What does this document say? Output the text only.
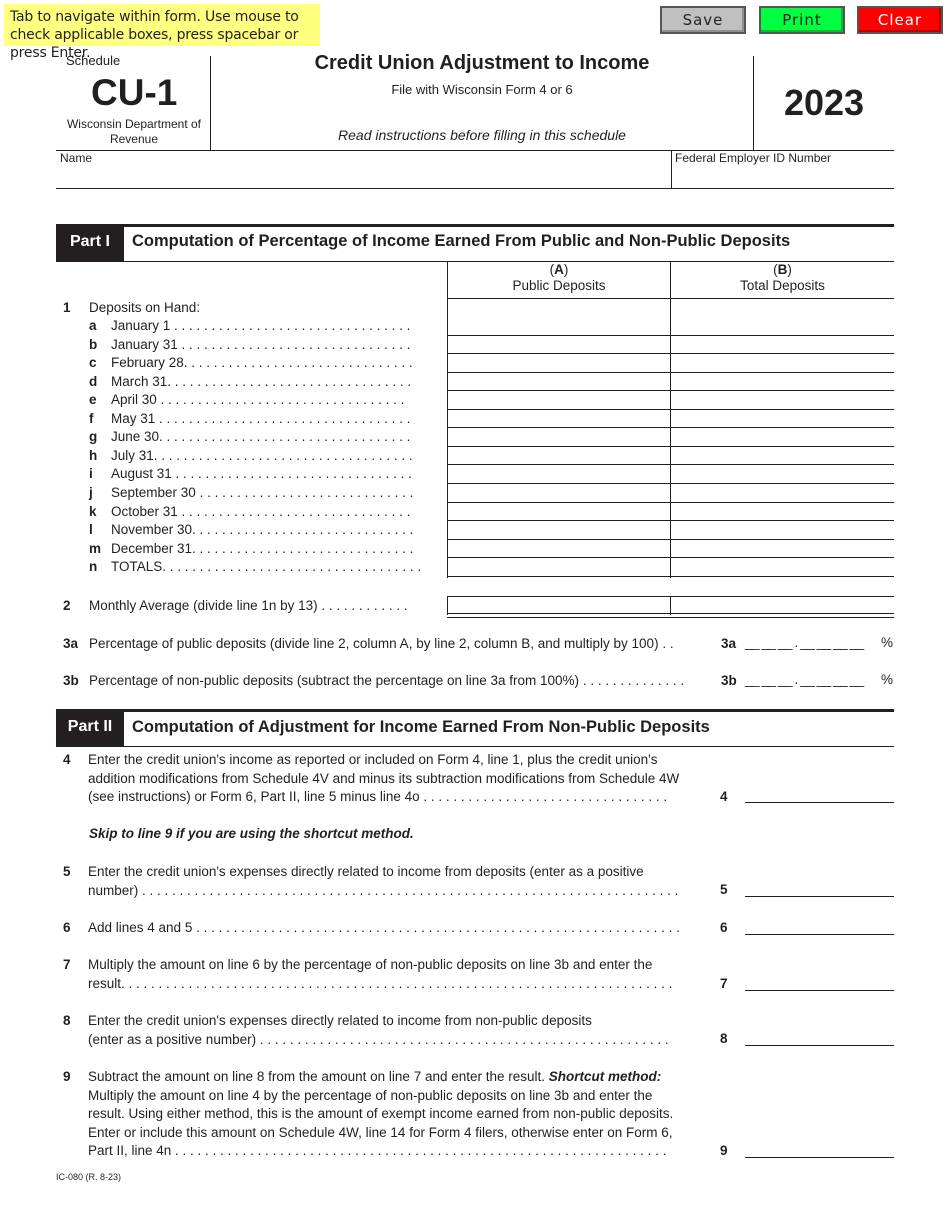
Tab to navigate within form. Use mouse to check applicable boxes, press spacebar or press Enter.
Save	Print	Clear
Schedule
CU-1
Wisconsin Department of Revenue
Credit Union Adjustment to Income
File with Wisconsin Form 4 or 6
Read instructions before filling in this schedule
2023
Name	Federal Employer ID Number
Part I	Computation of Percentage of Income Earned From Public and Non-Public Deposits
(A)
Public Deposits
(B)
Total Deposits
1 Deposits on Hand:
a January 1 . . . . . . . . . . . . . . . . . . . . . . . . . . . . . . . .
b January 31 . . . . . . . . . . . . . . . . . . . . . . . . . . . . . . .
c February 28. . . . . . . . . . . . . . . . . . . . . . . . . . . . . . .
d March 31. . . . . . . . . . . . . . . . . . . . . . . . . . . . . . . . .
e April 30 . . . . . . . . . . . . . . . . . . . . . . . . . . . . . . . . .
f May 31 . . . . . . . . . . . . . . . . . . . . . . . . . . . . . . . . . .
g June 30. . . . . . . . . . . . . . . . . . . . . . . . . . . . . . . . . .
h July 31. . . . . . . . . . . . . . . . . . . . . . . . . . . . . . . . . . .
i August 31 . . . . . . . . . . . . . . . . . . . . . . . . . . . . . . . .
j September 30 . . . . . . . . . . . . . . . . . . . . . . . . . . . . .
k October 31 . . . . . . . . . . . . . . . . . . . . . . . . . . . . . . .
l November 30. . . . . . . . . . . . . . . . . . . . . . . . . . . . . .
m December 31. . . . . . . . . . . . . . . . . . . . . . . . . . . . . .
n TOTALS. . . . . . . . . . . . . . . . . . . . . . . . . . . . . . . . . . .
2 Monthly Average (divide line 1n by 13) . . . . . . . . . . . .
3a Percentage of public deposits (divide line 2, column A, by line 2, column B, and multiply by 100) . .	3a __ __ __ . __ __ __ __ %
3b Percentage of non-public deposits (subtract the percentage on line 3a from 100%) . . . . . . . . . . . . . .	3b __ __ __ . __ __ __ __ %
Part II	Computation of Adjustment for Income Earned From Non-Public Deposits
4 Enter the credit union's income as reported or included on Form 4, line 1, plus the credit union's
addition modifications from Schedule 4V and minus its subtraction modifications from Schedule 4W
(see instructions) or Form 6, Part II, line 5 minus line 4o . . . . . . . . . . . . . . . . . . . . . . . . . . . . . . . . .	4
Skip to line 9 if you are using the shortcut method.
5 Enter the credit union's expenses directly related to income from deposits (enter as a positive
number) . . . . . . . . . . . . . . . . . . . . . . . . . . . . . . . . . . . . . . . . . . . . . . . . . . . . . . . . . . . . . . . . . . . . . . . .	5
6 Add lines 4 and 5 . . . . . . . . . . . . . . . . . . . . . . . . . . . . . . . . . . . . . . . . . . . . . . . . . . . . . . . . . . . . . . . . .	6
7 Multiply the amount on line 6 by the percentage of non-public deposits on line 3b and enter the
result. . . . . . . . . . . . . . . . . . . . . . . . . . . . . . . . . . . . . . . . . . . . . . . . . . . . . . . . . . . . . . . . . . . . . . . . . .	7
8 Enter the credit union's expenses directly related to income from non-public deposits
(enter as a positive number) . . . . . . . . . . . . . . . . . . . . . . . . . . . . . . . . . . . . . . . . . . . . . . . . . . . . . . .	8
9 Subtract the amount on line 8 from the amount on line 7 and enter the result. Shortcut method:
Multiply the amount on line 4 by the percentage of non-public deposits on line 3b and enter the
result. Using either method, this is the amount of exempt income earned from non-public deposits.
Enter or include this amount on Schedule 4W, line 14 for Form 4 filers, otherwise enter on Form 6,
Part II, line 4n . . . . . . . . . . . . . . . . . . . . . . . . . . . . . . . . . . . . . . . . . . . . . . . . . . . . . . . . . . . . . . . . . .	9
IC-080 (R. 8-23)
